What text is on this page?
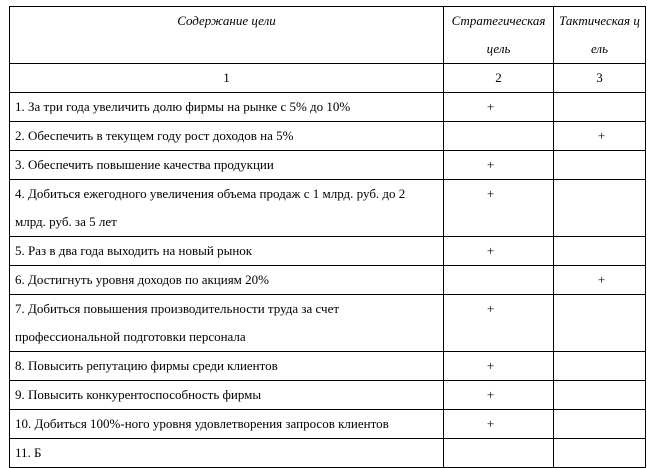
Содержание цели	Стратегическая цель	Тактическая цель

1	2	3
1. За три года увеличить долю фирмы на рынке с 5% до 10%	+	
2. Обеспечить в текущем году рост доходов на 5%		+
3. Обеспечить повышение качества продукции	+	
4. Добиться ежегодного увеличения объема продаж с 1 млрд. руб. до 2 млрд. руб. за 5 лет	+	
5. Раз в два года выходить на новый рынок	+	
6. Достигнуть уровня доходов по акциям 20%		+
7. Добиться повышения производительности труда за счет профессиональной подготовки персонала	+	
8. Повысить репутацию фирмы среди клиентов	+	
9. Повысить конкурентоспособность фирмы	+	
10. Добиться 100%-ного уровня удовлетворения запросов клиентов	+	
11. Б		
